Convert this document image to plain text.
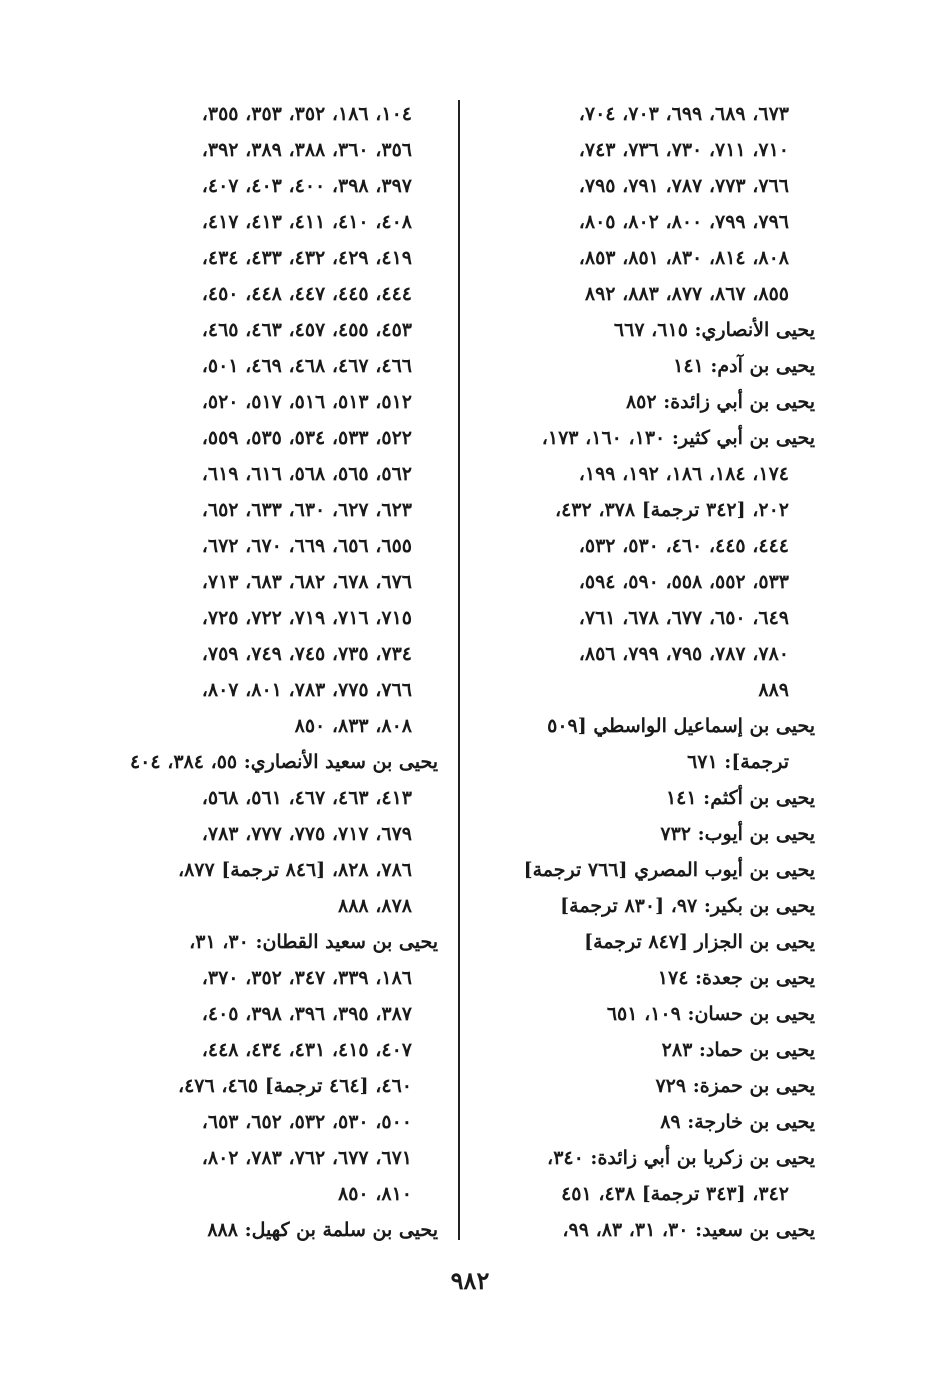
٦٧٣، ٦٨٩، ٦٩٩، ٧٠٣، ٧٠٤،
٧١٠، ٧١١، ٧٣٠، ٧٣٦، ٧٤٣،
٧٦٦، ٧٧٣، ٧٨٧، ٧٩١، ٧٩٥،
٧٩٦، ٧٩٩، ٨٠٠، ٨٠٢، ٨٠٥،
٨٠٨، ٨١٤، ٨٣٠، ٨٥١، ٨٥٣،
٨٥٥، ٨٦٧، ٨٧٧، ٨٨٣، ٨٩٢
يحيى الأنصاري: ٦١٥، ٦٦٧
يحيى بن آدم: ١٤١
يحيى بن أبي زائدة: ٨٥٢
يحيى بن أبي كثير: ١٣٠، ١٦٠، ١٧٣،
١٧٤، ١٨٤، ١٨٦، ١٩٢، ١٩٩،
٢٠٢، [٣٤٢ ترجمة] ٣٧٨، ٤٣٢،
٤٤٤، ٤٤٥، ٤٦٠، ٥٣٠، ٥٣٢،
٥٣٣، ٥٥٢، ٥٥٨، ٥٩٠، ٥٩٤،
٦٤٩، ٦٥٠، ٦٧٧، ٦٧٨، ٧٦١،
٧٨٠، ٧٨٧، ٧٩٥، ٧٩٩، ٨٥٦،
٨٨٩
يحيى بن إسماعيل الواسطي [٥٠٩
ترجمة]: ٦٧١
يحيى بن أكثم: ١٤١
يحيى بن أيوب: ٧٣٢
يحيى بن أيوب المصري [٧٦٦ ترجمة]
يحيى بن بكير: ٩٧، [٨٣٠ ترجمة]
يحيى بن الجزار [٨٤٧ ترجمة]
يحيى بن جعدة: ١٧٤
يحيى بن حسان: ١٠٩، ٦٥١
يحيى بن حماد: ٢٨٣
يحيى بن حمزة: ٧٢٩
يحيى بن خارجة: ٨٩
يحيى بن زكريا بن أبي زائدة: ٣٤٠،
٣٤٢، [٣٤٣ ترجمة] ٤٣٨، ٤٥١
يحيى بن سعيد: ٣٠، ٣١، ٨٣، ٩٩،
١٠٤، ١٨٦، ٣٥٢، ٣٥٣، ٣٥٥،
٣٥٦، ٣٦٠، ٣٨٨، ٣٨٩، ٣٩٢،
٣٩٧، ٣٩٨، ٤٠٠، ٤٠٣، ٤٠٧،
٤٠٨، ٤١٠، ٤١١، ٤١٣، ٤١٧،
٤١٩، ٤٢٩، ٤٣٢، ٤٣٣، ٤٣٤،
٤٤٤، ٤٤٥، ٤٤٧، ٤٤٨، ٤٥٠،
٤٥٣، ٤٥٥، ٤٥٧، ٤٦٣، ٤٦٥،
٤٦٦، ٤٦٧، ٤٦٨، ٤٦٩، ٥٠١،
٥١٢، ٥١٣، ٥١٦، ٥١٧، ٥٢٠،
٥٢٢، ٥٣٣، ٥٣٤، ٥٣٥، ٥٥٩،
٥٦٢، ٥٦٥، ٥٦٨، ٦١٦، ٦١٩،
٦٢٣، ٦٢٧، ٦٣٠، ٦٣٣، ٦٥٢،
٦٥٥، ٦٥٦، ٦٦٩، ٦٧٠، ٦٧٢،
٦٧٦، ٦٧٨، ٦٨٢، ٦٨٣، ٧١٣،
٧١٥، ٧١٦، ٧١٩، ٧٢٢، ٧٢٥،
٧٣٤، ٧٣٥، ٧٤٥، ٧٤٩، ٧٥٩،
٧٦٦، ٧٧٥، ٧٨٣، ٨٠١، ٨٠٧،
٨٠٨، ٨٣٣، ٨٥٠
يحيى بن سعيد الأنصاري: ٥٥، ٣٨٤، ٤٠٤
٤١٣، ٤٦٣، ٤٦٧، ٥٦١، ٥٦٨،
٦٧٩، ٧١٧، ٧٧٥، ٧٧٧، ٧٨٣،
٧٨٦، ٨٢٨، [٨٤٦ ترجمة] ٨٧٧،
٨٧٨، ٨٨٨
يحيى بن سعيد القطان: ٣٠، ٣١،
١٨٦، ٣٣٩، ٣٤٧، ٣٥٢، ٣٧٠،
٣٨٧، ٣٩٥، ٣٩٦، ٣٩٨، ٤٠٥،
٤٠٧، ٤١٥، ٤٣١، ٤٣٤، ٤٤٨،
٤٦٠، [٤٦٤ ترجمة] ٤٦٥، ٤٧٦،
٥٠٠، ٥٣٠، ٥٣٢، ٦٥٢، ٦٥٣،
٦٧١، ٦٧٧، ٧٦٢، ٧٨٣، ٨٠٢،
٨١٠، ٨٥٠
يحيى بن سلمة بن كهيل: ٨٨٨
٩٨٢
